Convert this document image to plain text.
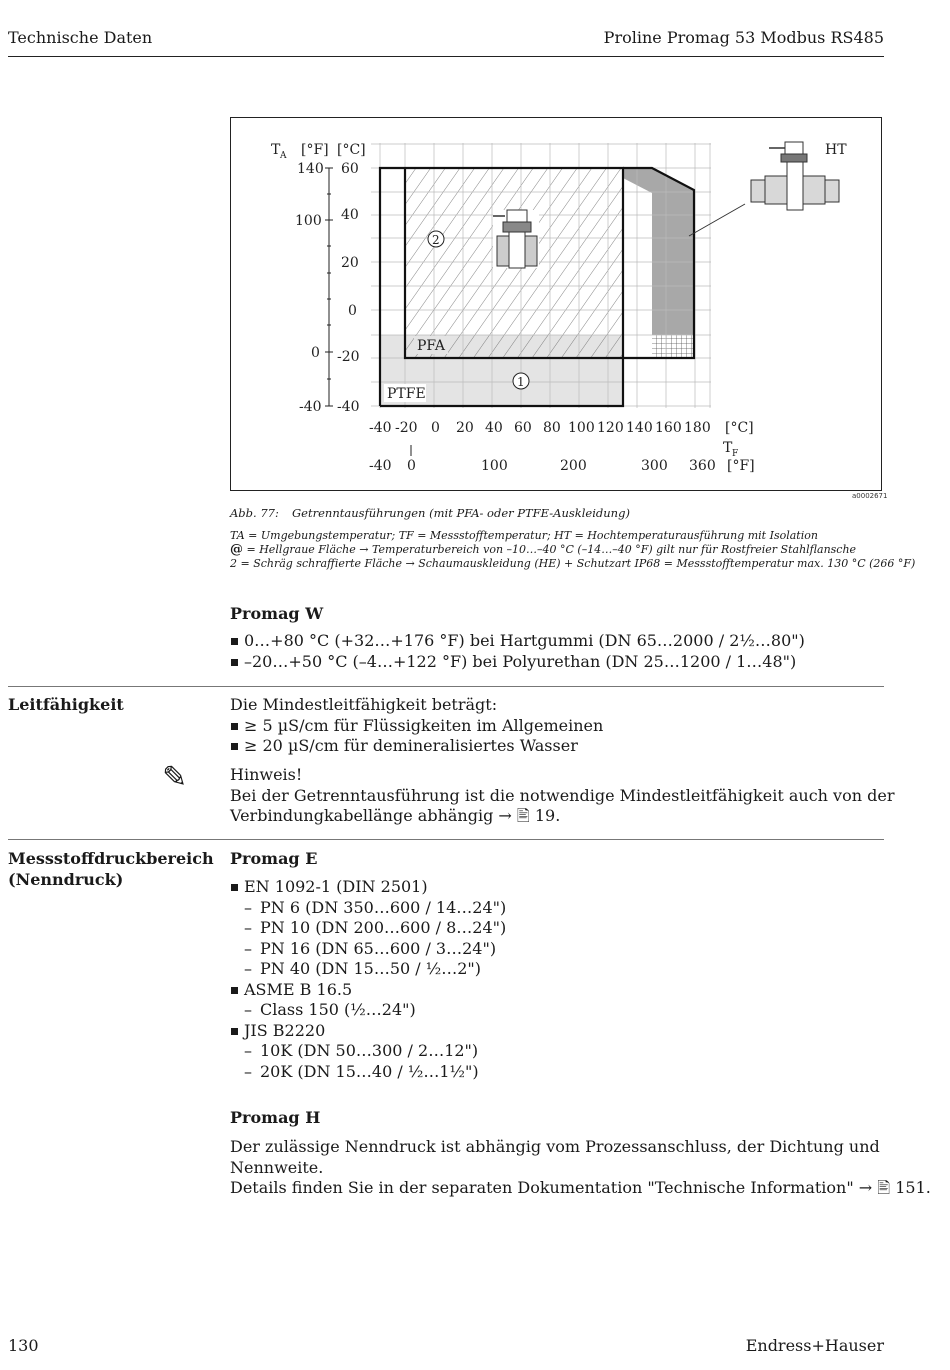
Technische Daten	Proline Promag 53 Modbus RS485
T A [°F] [°C]
140
100
0
-40
60
40
20
0
-20
-40
-40 -20 0 20 40 60 80 100 120 140 160 180 [°C]
T F
-40 0	100	200	300 360 [°F]
PFA
PTFE
HT
2
1
a0002671
Abb. 77: Getrenntausführungen (mit PFA- oder PTFE-Auskleidung)
TA = Umgebungstemperatur; TF = Messstofftemperatur; HT = Hochtemperaturausführung mit Isolation
@ = Hellgraue Fläche → Temperaturbereich von –10…–40 °C (–14…–40 °F) gilt nur für Rostfreier Stahlflansche
2 = Schräg schraffierte Fläche → Schaumauskleidung (HE) + Schutzart IP68 = Messstofftemperatur max. 130 °C (266 °F)
Promag W
0…+80 °C (+32…+176 °F) bei Hartgummi (DN 65…2000 / 2½…80")
–20…+50 °C (–4…+122 °F) bei Polyurethan (DN 25…1200 / 1…48")
Leitfähigkeit	Die Mindestleitfähigkeit beträgt:
≥ 5 µS/cm für Flüssigkeiten im Allgemeinen
≥ 20 µS/cm für demineralisiertes Wasser
✎	Hinweis!
Bei der Getrenntausführung ist die notwendige Mindestleitfähigkeit auch von der
Verbindungkabellänge abhängig → 🖹 19.
Messstoffdruckbereich
(Nenndruck)
Promag E
EN 1092-1 (DIN 2501)
– PN 6 (DN 350…600 / 14…24")
– PN 10 (DN 200…600 / 8…24")
– PN 16 (DN 65…600 / 3…24")
– PN 40 (DN 15…50 / ½…2")
ASME B 16.5
– Class 150 (½…24")
JIS B2220
– 10K (DN 50…300 / 2…12")
– 20K (DN 15…40 / ½…1½")
Promag H
Der zulässige Nenndruck ist abhängig vom Prozessanschluss, der Dichtung und Nennweite.
Details finden Sie in der separaten Dokumentation "Technische Information" → 🖹 151.
130	Endress+Hauser
